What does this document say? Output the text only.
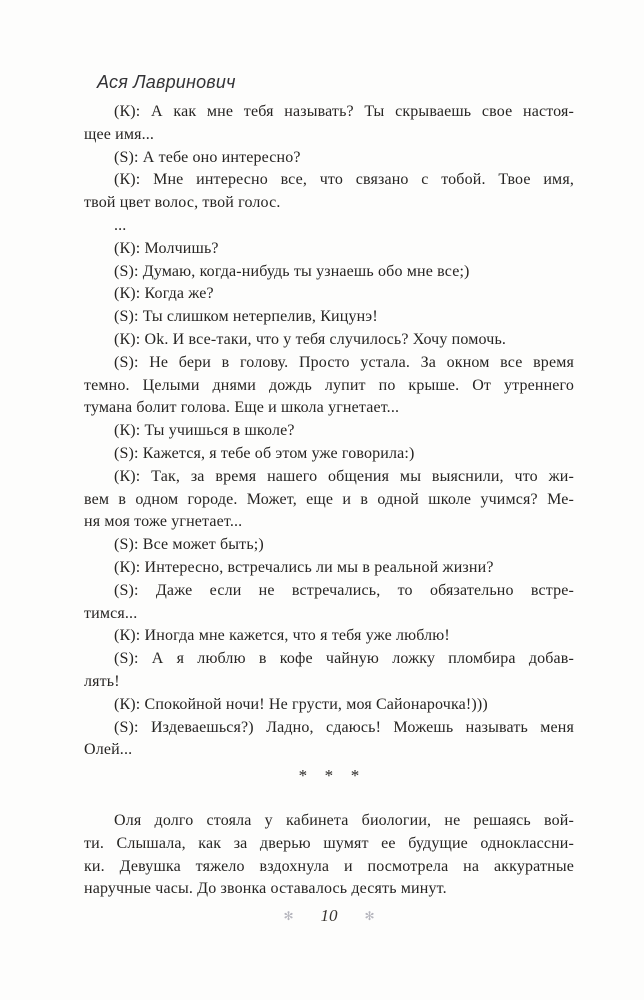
Ася Лавринович
(К): А как мне тебя называть? Ты скрываешь свое настоя-
щее имя...
(S): А тебе оно интересно?
(К): Мне интересно все, что связано с тобой. Твое имя,
твой цвет волос, твой голос.
...
(К): Молчишь?
(S): Думаю, когда-нибудь ты узнаешь обо мне все;)
(К): Когда же?
(S): Ты слишком нетерпелив, Кицунэ!
(К): Ok. И все-таки, что у тебя случилось? Хочу помочь.
(S): Не бери в голову. Просто устала. За окном все время
темно. Целыми днями дождь лупит по крыше. От утреннего
тумана болит голова. Еще и школа угнетает...
(К): Ты учишься в школе?
(S): Кажется, я тебе об этом уже говорила:)
(К): Так, за время нашего общения мы выяснили, что жи-
вем в одном городе. Может, еще и в одной школе учимся? Ме-
ня моя тоже угнетает...
(S): Все может быть;)
(К): Интересно, встречались ли мы в реальной жизни?
(S): Даже если не встречались, то обязательно встре-
тимся...
(К): Иногда мне кажется, что я тебя уже люблю!
(S): А я люблю в кофе чайную ложку пломбира добав-
лять!
(К): Спокойной ночи! Не грусти, моя Сайонарочка!)))
(S): Издеваешься?) Ладно, сдаюсь! Можешь называть меня
Олей...
* * *
Оля долго стояла у кабинета биологии, не решаясь вой-
ти. Слышала, как за дверью шумят ее будущие одноклассни-
ки. Девушка тяжело вздохнула и посмотрела на аккуратные
наручные часы. До звонка оставалось десять минут.
✻ 10 ✻
